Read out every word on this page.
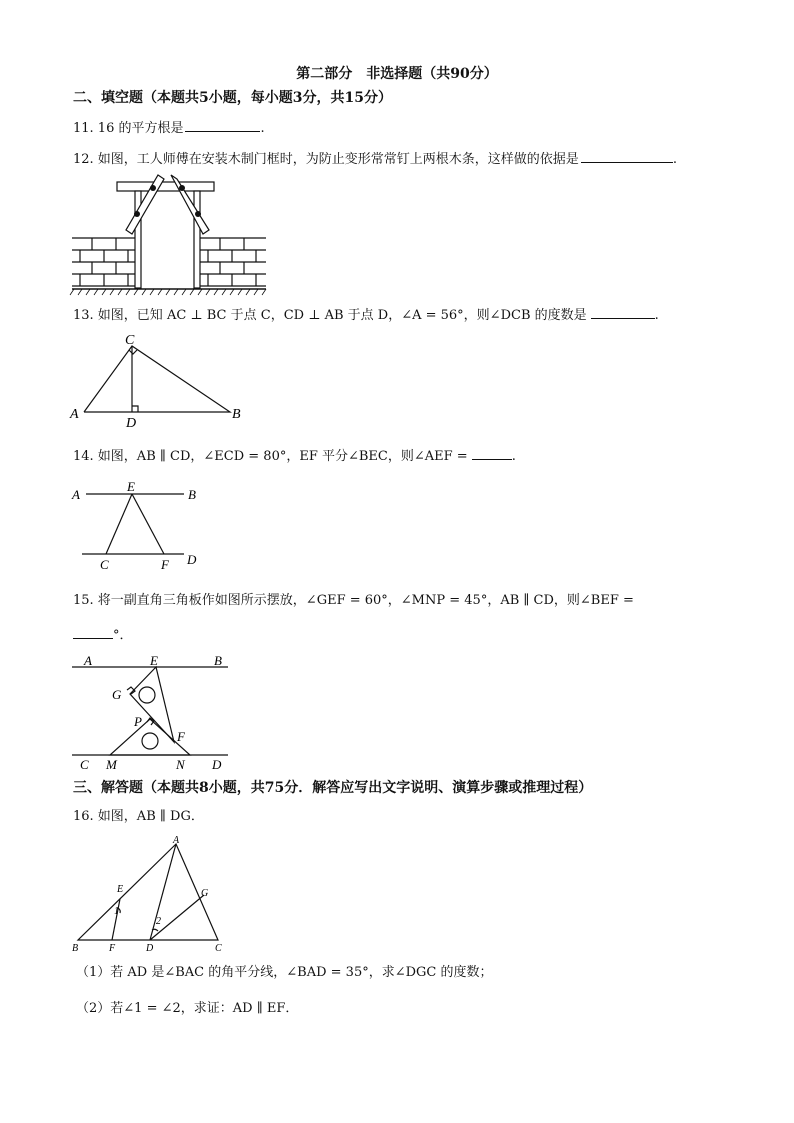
第二部分　非选择题（共90分）
二、填空题（本题共5小题，每小题3分，共15分）
11. 16 的平方根是	.
12. 如图，工人师傅在安装木制门框时，为防止变形常常钉上两根木条，这样做的依据是	.
13. 如图，已知 AC ⊥ BC 于点 C，CD ⊥ AB 于点 D，∠A = 56°，则∠DCB 的度数是	.
A	B
C
D
14. 如图，AB ∥ CD，∠ECD = 80°，EF 平分∠BEC，则∠AEF =	.
A	B
E
C	F D
15. 将一副直角三角板作如图所示摆放，∠GEF = 60°，∠MNP = 45°，AB ∥ CD，则∠BEF =
°．
A	E	B
G
P
F
C M	N D
三、解答题（本题共8小题，共75分．解答应写出文字说明、演算步骤或推理过程）
16. 如图，AB ∥ DG．
A
E	G
1
2
B	F	D	C
（1）若 AD 是∠BAC 的角平分线，∠BAD = 35°，求∠DGC 的度数；
（2）若∠1 = ∠2，求证：AD ∥ EF．
